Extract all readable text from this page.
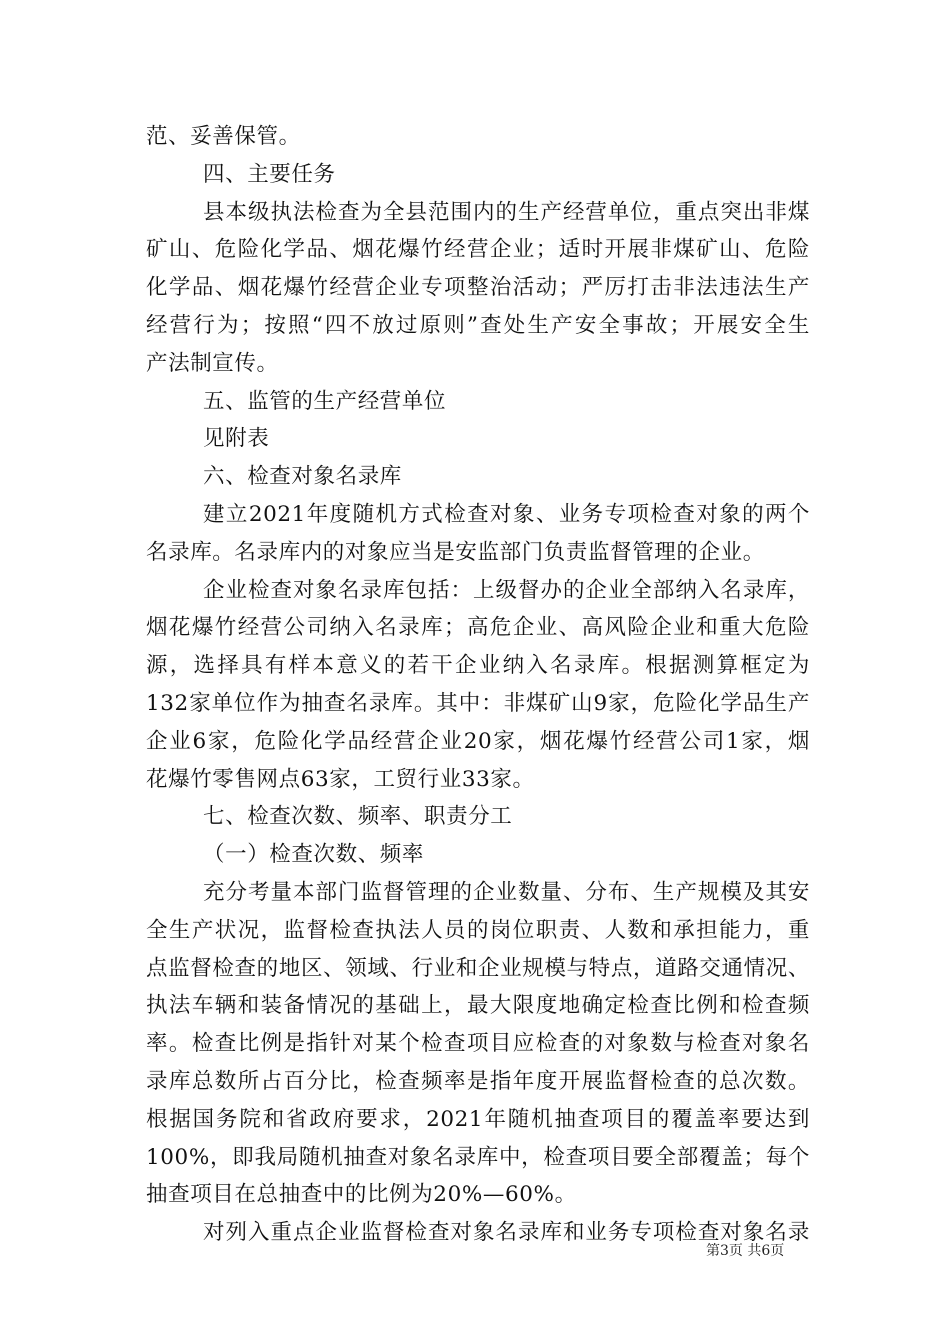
范、妥善保管。
四、主要任务
县本级执法检查为全县范围内的生产经营单位，重点突出非煤
矿山、危险化学品、烟花爆竹经营企业；适时开展非煤矿山、危险
化学品、烟花爆竹经营企业专项整治活动；严厉打击非法违法生产
经营行为；按照“四不放过原则”查处生产安全事故；开展安全生
产法制宣传。
五、监管的生产经营单位
见附表
六、检查对象名录库
建立2021年度随机方式检查对象、业务专项检查对象的两个
名录库。名录库内的对象应当是安监部门负责监督管理的企业。
企业检查对象名录库包括：上级督办的企业全部纳入名录库，
烟花爆竹经营公司纳入名录库；高危企业、高风险企业和重大危险
源，选择具有样本意义的若干企业纳入名录库。根据测算框定为
132家单位作为抽查名录库。其中：非煤矿山9家，危险化学品生产
企业6家，危险化学品经营企业20家，烟花爆竹经营公司1家，烟
花爆竹零售网点63家，工贸行业33家。
七、检查次数、频率、职责分工
（一）检查次数、频率
充分考量本部门监督管理的企业数量、分布、生产规模及其安
全生产状况，监督检查执法人员的岗位职责、人数和承担能力，重
点监督检查的地区、领域、行业和企业规模与特点，道路交通情况、
执法车辆和装备情况的基础上，最大限度地确定检查比例和检查频
率。检查比例是指针对某个检查项目应检查的对象数与检查对象名
录库总数所占百分比，检查频率是指年度开展监督检查的总次数。
根据国务院和省政府要求，2021年随机抽查项目的覆盖率要达到
100%，即我局随机抽查对象名录库中，检查项目要全部覆盖；每个
抽查项目在总抽查中的比例为20%—60%。
对列入重点企业监督检查对象名录库和业务专项检查对象名录
第3页 共6页
